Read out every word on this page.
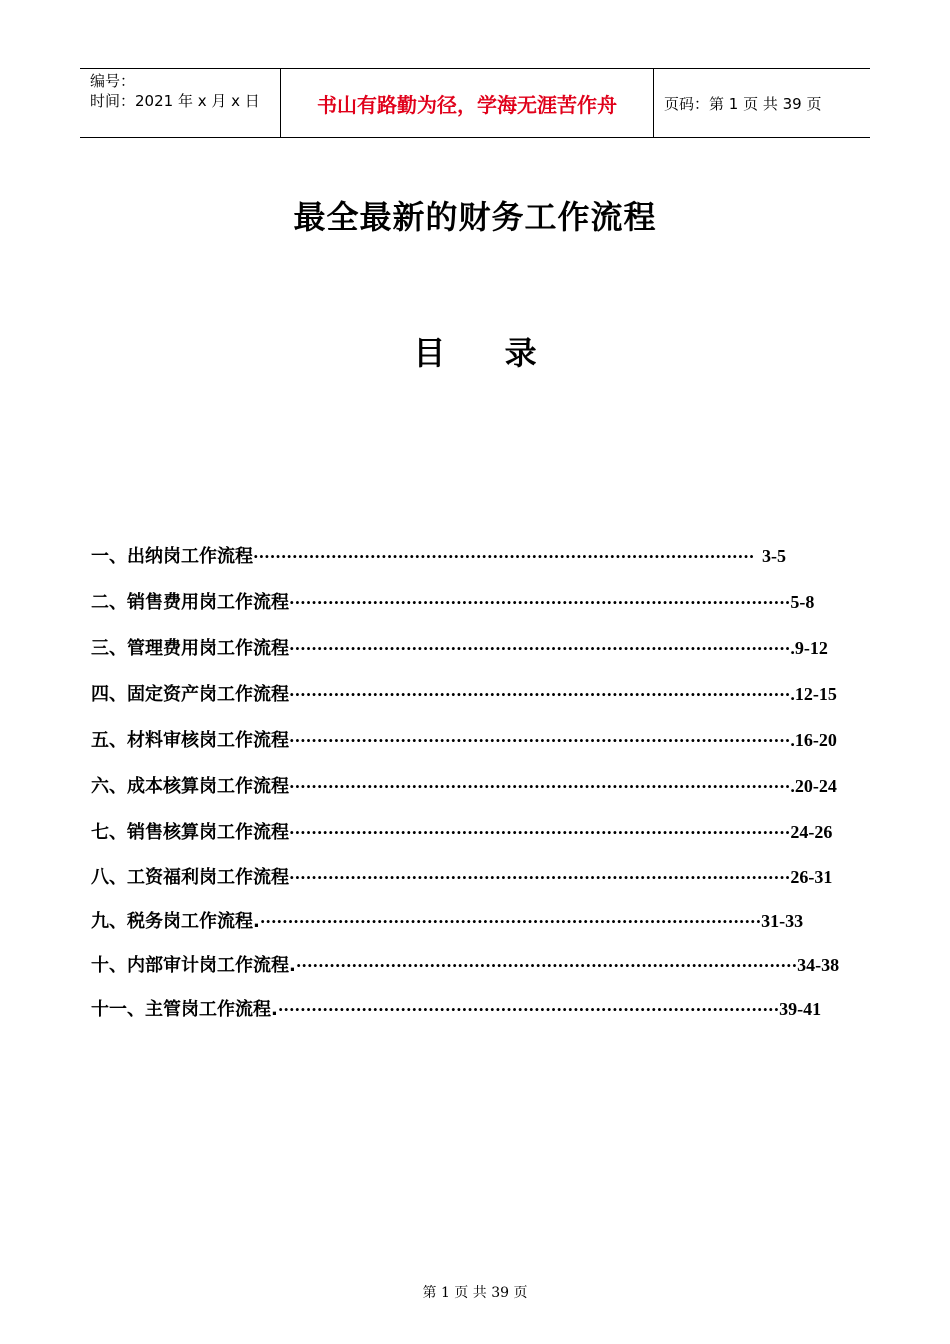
编号：
时间：2021 年 x 月 x 日	书山有路勤为径，学海无涯苦作舟	页码：第 1 页 共 39 页
最全最新的财务工作流程
目 录
一、出纳岗工作流程 ·························································································· 3-5
二、销售费用岗工作流程 ·························································································· 5-8
三、管理费用岗工作流程 ·························································································· .9-12
四、固定资产岗工作流程 ·························································································· .12-15
五、材料审核岗工作流程 ·························································································· .16-20
六、成本核算岗工作流程 ·························································································· .20-24
七、销售核算岗工作流程 ·························································································· 24-26
八、工资福利岗工作流程 ·························································································· 26-31
九、税务岗工作流程. ·························································································· 31-33
十、内部审计岗工作流程. ·························································································· 34-38
十一、主管岗工作流程. ·························································································· 39-41
第 1 页 共 39 页
